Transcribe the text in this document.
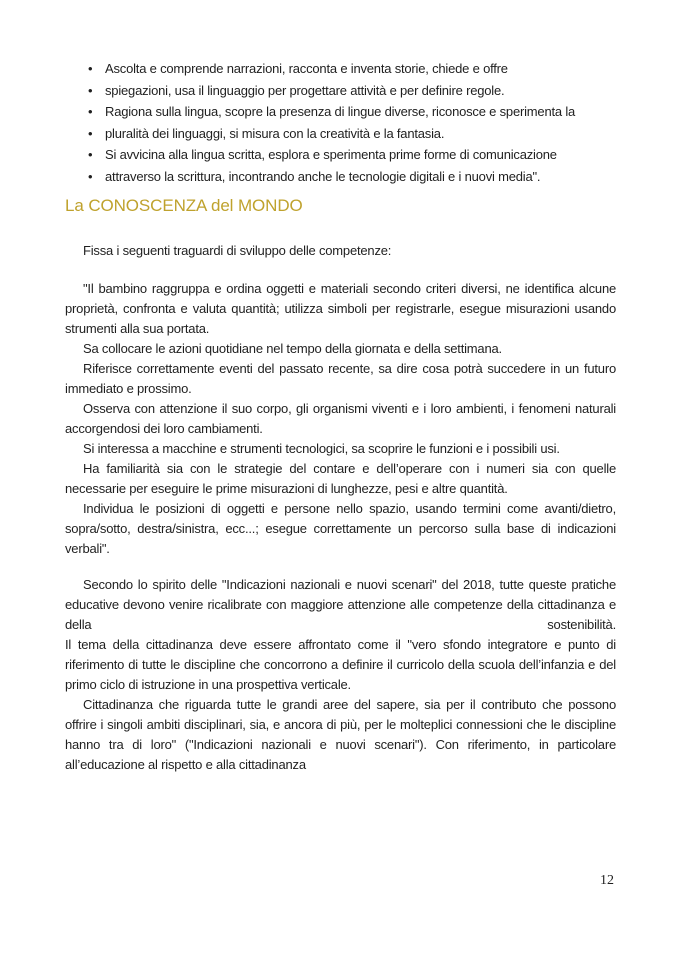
• Ascolta e comprende narrazioni, racconta e inventa storie, chiede e offre
• spiegazioni, usa il linguaggio per progettare attività e per definire regole.
• Ragiona sulla lingua, scopre la presenza di lingue diverse, riconosce e sperimenta la
• pluralità dei linguaggi, si misura con la creatività e la fantasia.
• Si avvicina alla lingua scritta, esplora e sperimenta prime forme di comunicazione
• attraverso la scrittura, incontrando anche le tecnologie digitali e i nuovi media".
La CONOSCENZA del MONDO

Fissa i seguenti traguardi di sviluppo delle competenze:

"Il bambino raggruppa e ordina oggetti e materiali secondo criteri diversi, ne identifica alcune proprietà, confronta e valuta quantità; utilizza simboli per registrarle, esegue misurazioni usando strumenti alla sua portata.

Sa collocare le azioni quotidiane nel tempo della giornata e della settimana.

Riferisce correttamente eventi del passato recente, sa dire cosa potrà succedere in un futuro immediato e prossimo.

Osserva con attenzione il suo corpo, gli organismi viventi e i loro ambienti, i fenomeni naturali accorgendosi dei loro cambiamenti.

Si interessa a macchine e strumenti tecnologici, sa scoprire le funzioni e i possibili usi.

Ha familiarità sia con le strategie del contare e dell’operare con i numeri sia con quelle necessarie per eseguire le prime misurazioni di lunghezze, pesi e altre quantità.

Individua le posizioni di oggetti e persone nello spazio, usando termini come avanti/dietro, sopra/sotto, destra/sinistra, ecc...; esegue correttamente un percorso sulla base di indicazioni verbali".

Secondo lo spirito delle "Indicazioni nazionali e nuovi scenari" del 2018, tutte queste pratiche educative devono venire ricalibrate con maggiore attenzione alle competenze della cittadinanza e della sostenibilità.

Il tema della cittadinanza deve essere affrontato come il "vero sfondo integratore e punto di riferimento di tutte le discipline che concorrono a definire il curricolo della scuola dell’infanzia e del primo ciclo di istruzione in una prospettiva verticale.

Cittadinanza che riguarda tutte le grandi aree del sapere, sia per il contributo che possono offrire i singoli ambiti disciplinari, sia, e ancora di più, per le molteplici connessioni che le discipline hanno tra di loro" ("Indicazioni nazionali e nuovi scenari"). Con riferimento, in particolare all’educazione al rispetto e alla cittadinanza

12
